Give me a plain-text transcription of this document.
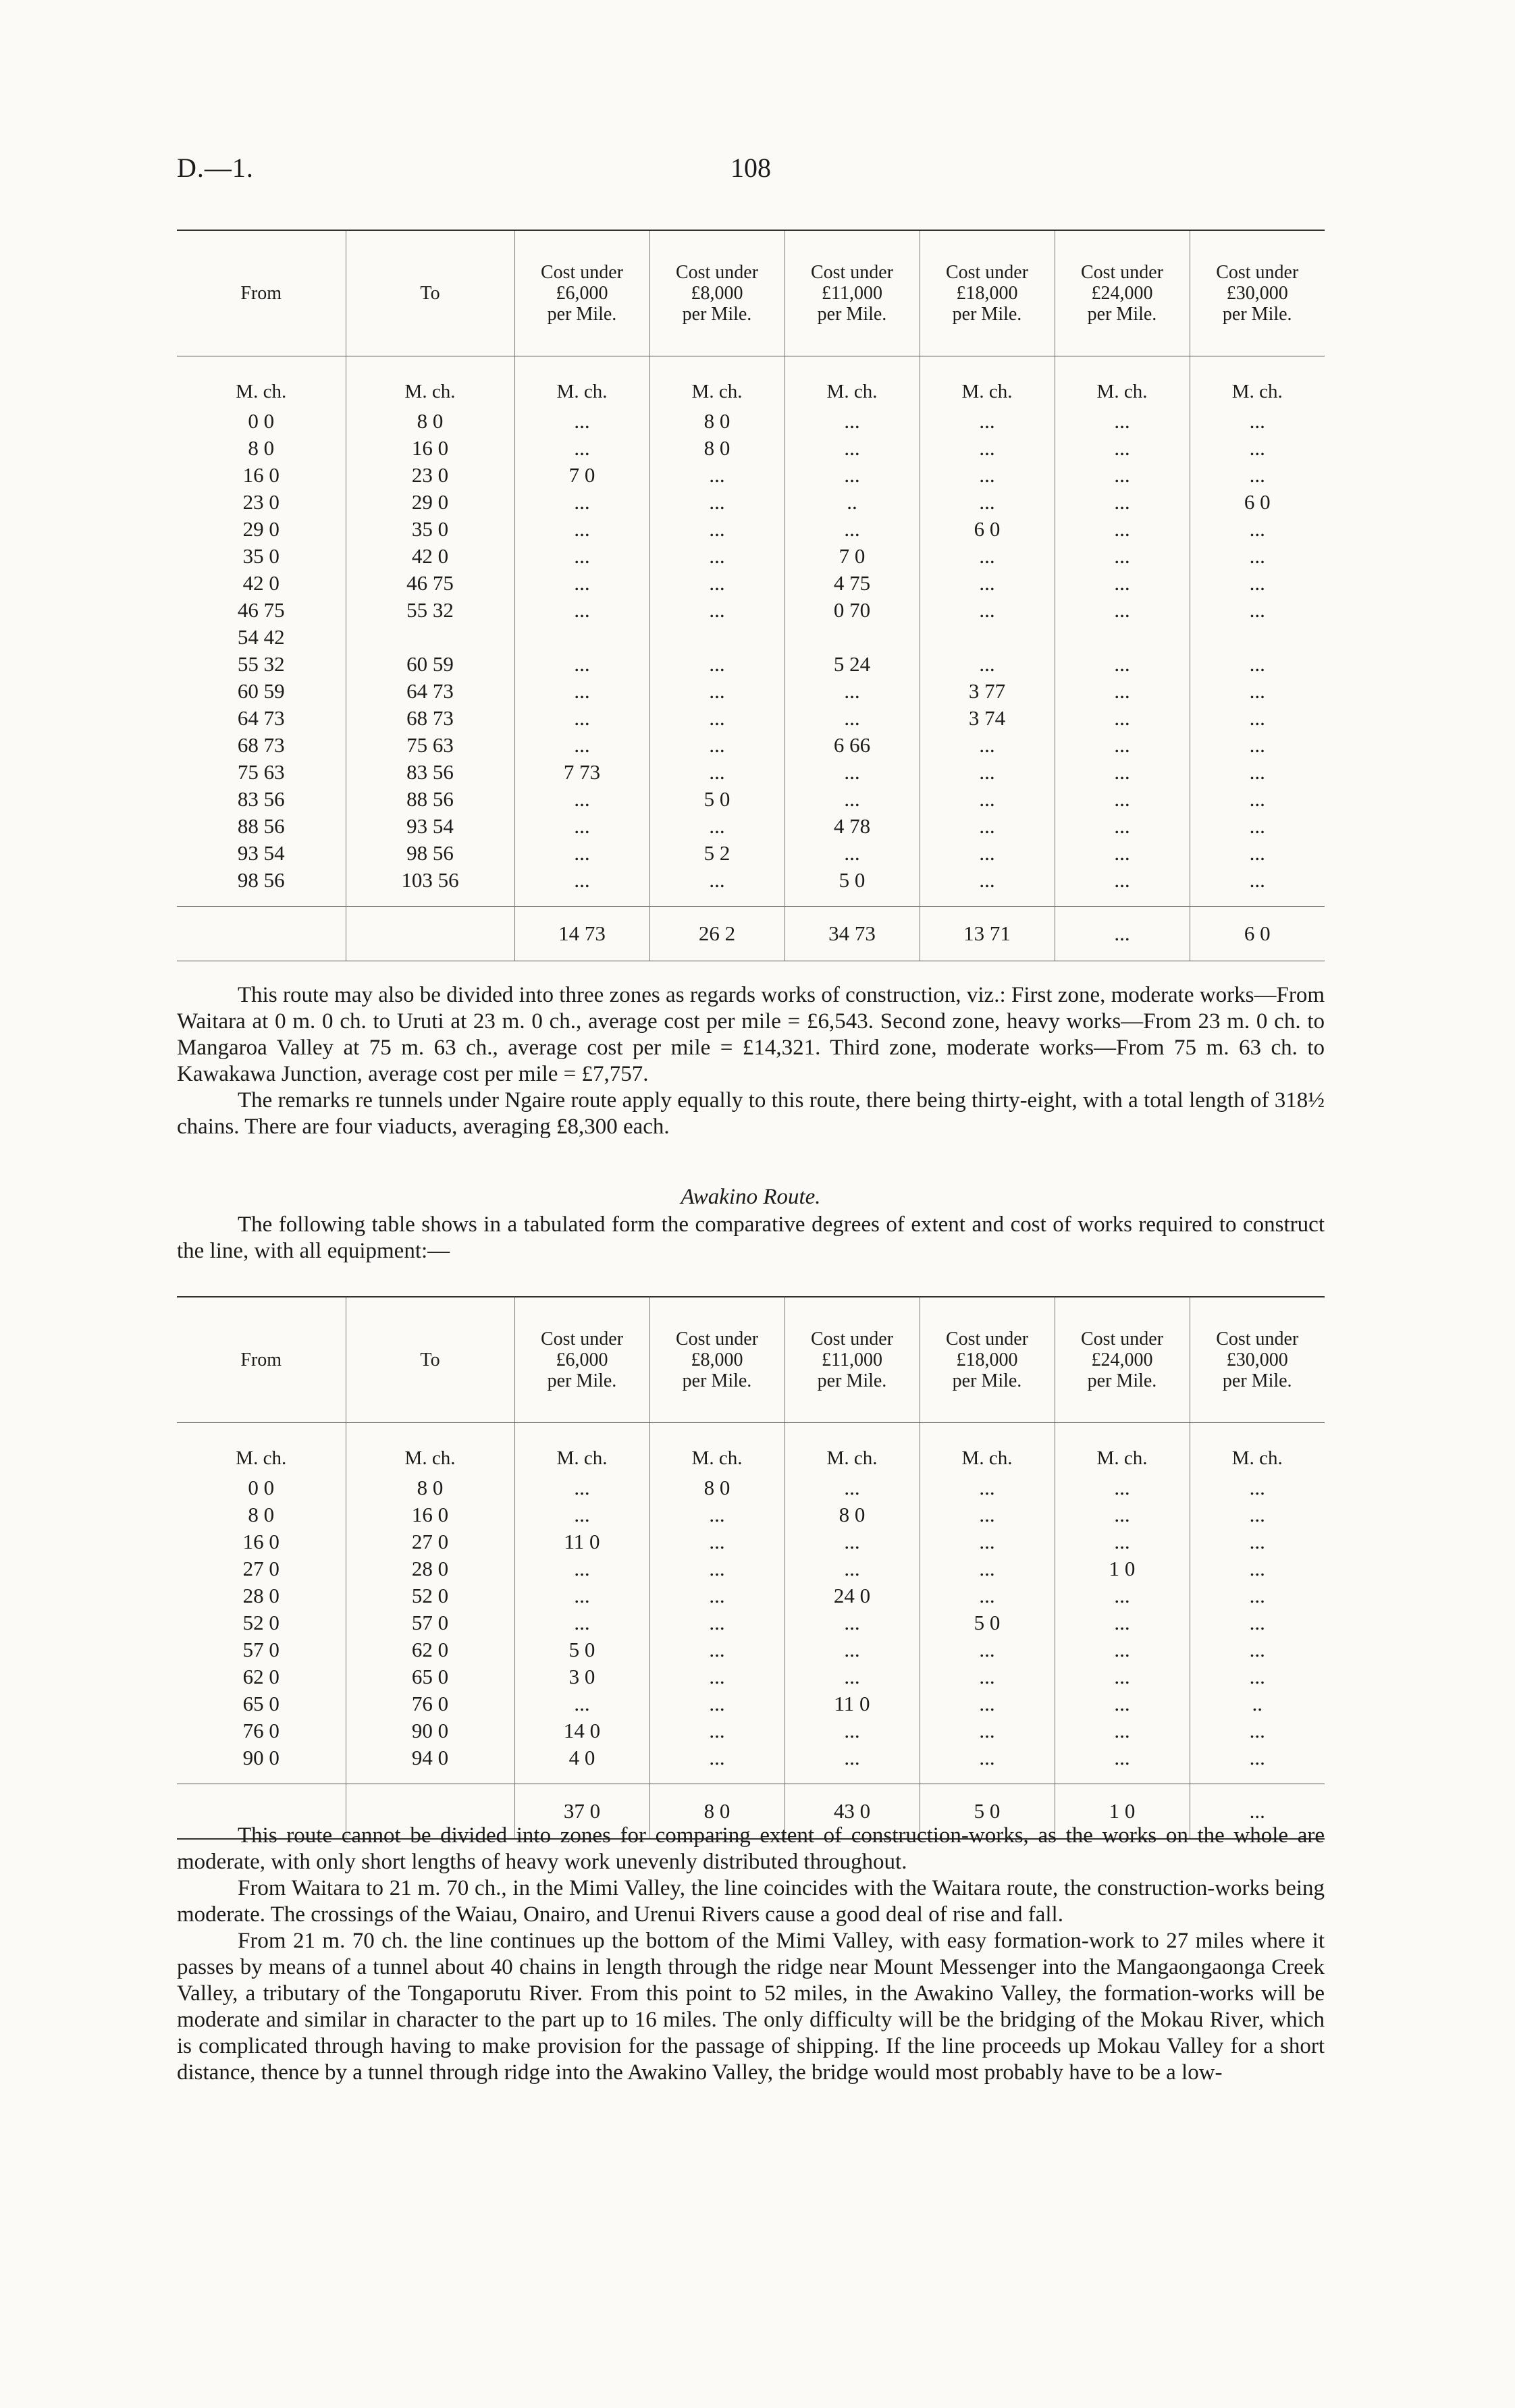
D.—1.	108
From	To	Cost under
£6,000
per Mile.	Cost under
£8,000
per Mile.	Cost under
£11,000
per Mile.	Cost under
£18,000
per Mile.	Cost under
£24,000
per Mile.	Cost under
£30,000
per Mile.
M. ch.	M. ch.	M. ch.	M. ch.	M. ch.	M. ch.	M. ch.	M. ch.
0 0	8 0	...	8 0	...	...	...	...
8 0	16 0	...	8 0	...	...	...	...
16 0	23 0	7 0	...	...	...	...	...
23 0	29 0	...	...	..	...	...	6 0
29 0	35 0	...	...	...	6 0	...	...
35 0	42 0	...	...	7 0	...	...	...
42 0	46 75	...	...	4 75	...	...	...
46 75	55 32	...	...	0 70	...	...	...
54 42							
55 32	60 59	...	...	5 24	...	...	...
60 59	64 73	...	...	...	3 77	...	...
64 73	68 73	...	...	...	3 74	...	...
68 73	75 63	...	...	6 66	...	...	...
75 63	83 56	7 73	...	...	...	...	...
83 56	88 56	...	5 0	...	...	...	...
88 56	93 54	...	...	4 78	...	...	...
93 54	98 56	...	5 2	...	...	...	...
98 56	103 56	...	...	5 0	...	...	...

		14 73	26 2	34 73	13 71	...	6 0

This route may also be divided into three zones as regards works of construction, viz.: First zone, moderate works—From Waitara at 0 m. 0 ch. to Uruti at 23 m. 0 ch., average cost per mile = £6,543. Second zone, heavy works—From 23 m. 0 ch. to Mangaroa Valley at 75 m. 63 ch., average cost per mile = £14,321. Third zone, moderate works—From 75 m. 63 ch. to Kawakawa Junction, average cost per mile = £7,757.

The remarks re tunnels under Ngaire route apply equally to this route, there being thirty-eight, with a total length of 318½ chains. There are four viaducts, averaging £8,300 each.

Awakino Route.

The following table shows in a tabulated form the comparative degrees of extent and cost of works required to construct the line, with all equipment:—

From	To	Cost under
£6,000
per Mile.	Cost under
£8,000
per Mile.	Cost under
£11,000
per Mile.	Cost under
£18,000
per Mile.	Cost under
£24,000
per Mile.	Cost under
£30,000
per Mile.
M. ch.	M. ch.	M. ch.	M. ch.	M. ch.	M. ch.	M. ch.	M. ch.
0 0	8 0	...	8 0	...	...	...	...
8 0	16 0	...	...	8 0	...	...	...
16 0	27 0	11 0	...	...	...	...	...
27 0	28 0	...	...	...	...	1 0	...
28 0	52 0	...	...	24 0	...	...	...
52 0	57 0	...	...	...	5 0	...	...
57 0	62 0	5 0	...	...	...	...	...
62 0	65 0	3 0	...	...	...	...	...
65 0	76 0	...	...	11 0	...	...	..
76 0	90 0	14 0	...	...	...	...	...
90 0	94 0	4 0	...	...	...	...	...

		37 0	8 0	43 0	5 0	1 0	...

This route cannot be divided into zones for comparing extent of construction-works, as the works on the whole are moderate, with only short lengths of heavy work unevenly distributed throughout.

From Waitara to 21 m. 70 ch., in the Mimi Valley, the line coincides with the Waitara route, the construction-works being moderate. The crossings of the Waiau, Onairo, and Urenui Rivers cause a good deal of rise and fall.

From 21 m. 70 ch. the line continues up the bottom of the Mimi Valley, with easy formation-work to 27 miles where it passes by means of a tunnel about 40 chains in length through the ridge near Mount Messenger into the Mangaongaonga Creek Valley, a tributary of the Tongaporutu River. From this point to 52 miles, in the Awakino Valley, the formation-works will be moderate and similar in character to the part up to 16 miles. The only difficulty will be the bridging of the Mokau River, which is complicated through having to make provision for the passage of shipping. If the line proceeds up Mokau Valley for a short distance, thence by a tunnel through ridge into the Awakino Valley, the bridge would most probably have to be a low-
